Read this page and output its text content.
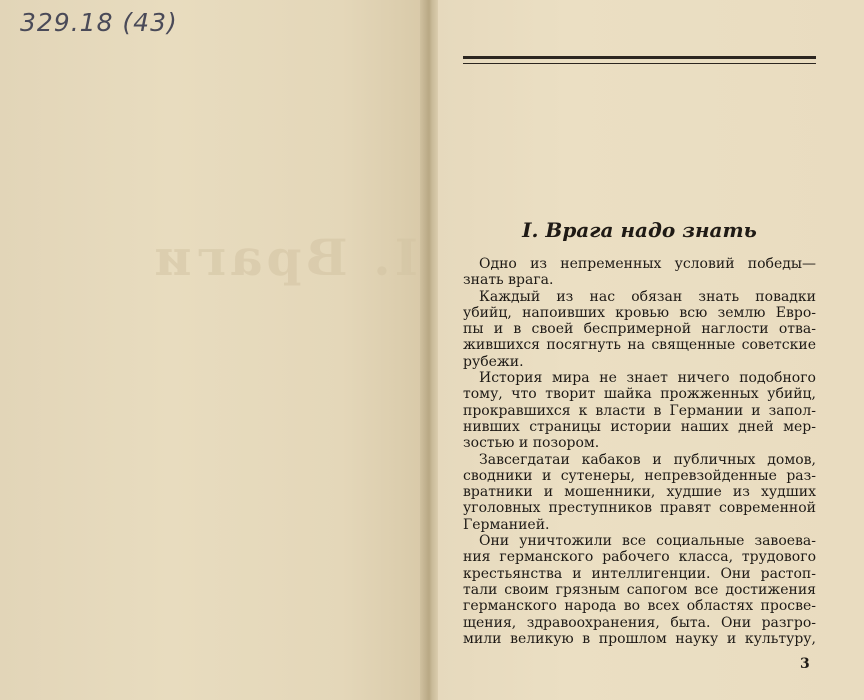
329.18 (43)
I. Враги	I. Врага надо знать
Одно из непременных условий победы—
знать врага.
Каждый из нас обязан знать повадки
убийц, напоивших кровью всю землю Евро-
пы и в своей беспримерной наглости отва-
жившихся посягнуть на священные советские
рубежи.
История мира не знает ничего подобного
тому, что творит шайка прожженных убийц,
прокравшихся к власти в Германии и запол-
нивших страницы истории наших дней мер-
зостью и позором.
Завсегдатаи кабаков и публичных домов,
сводники и сутенеры, непревзойденные раз-
вратники и мошенники, худшие из худших
уголовных преступников правят современной
Германией.
Они уничтожили все социальные завоева-
ния германского рабочего класса, трудового
крестьянства и интеллигенции. Они растоп-
тали своим грязным сапогом все достижения
германского народа во всех областях просве-
щения, здравоохранения, быта. Они разгро-
мили великую в прошлом науку и культуру,
3
